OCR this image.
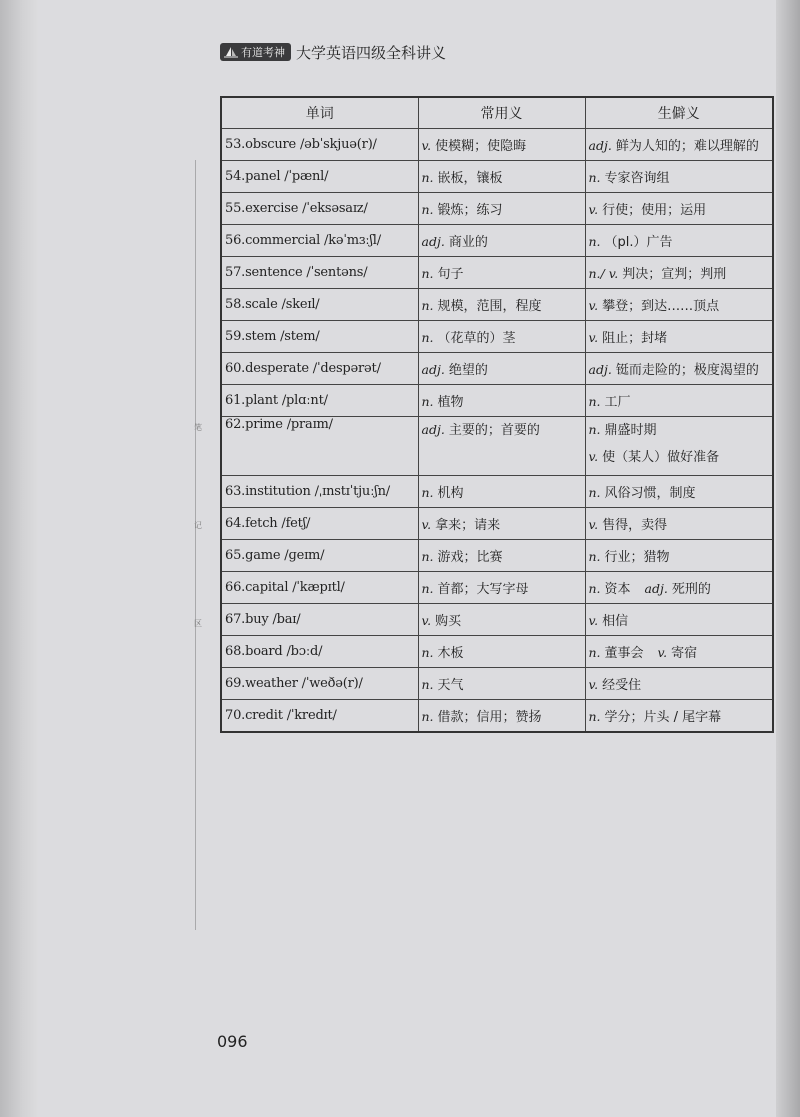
有道考神 大学英语四级全科讲义
笔
记
区
单词	常用义	生僻义
53.obscure /əbˈskjuə(r)/	v. 使模糊；使隐晦	adj. 鲜为人知的；难以理解的
54.panel /ˈpænl/	n. 嵌板，镶板	n. 专家咨询组
55.exercise /ˈeksəsaɪz/	n. 锻炼；练习	v. 行使；使用；运用
56.commercial /kəˈmɜːʃl/	adj. 商业的	n. （pl.）广告
57.sentence /ˈsentəns/	n. 句子	n./ v. 判决；宣判；判刑
58.scale /skeɪl/	n. 规模，范围，程度	v. 攀登；到达……顶点
59.stem /stem/	n. （花草的）茎	v. 阻止；封堵
60.desperate /ˈdespərət/	adj. 绝望的	adj. 铤而走险的；极度渴望的
61.plant /plɑːnt/	n. 植物	n. 工厂
62.prime /praɪm/	adj. 主要的；首要的	n. 鼎盛时期
v. 使（某人）做好准备

63.institution /ˌɪnstɪˈtjuːʃn/	n. 机构	n. 风俗习惯，制度
64.fetch /fetʃ/	v. 拿来；请来	v. 售得，卖得
65.game /ɡeɪm/	n. 游戏；比赛	n. 行业；猎物
66.capital /ˈkæpɪtl/	n. 首都；大写字母	n. 资本 adj. 死刑的
67.buy /baɪ/	v. 购买	v. 相信
68.board /bɔːd/	n. 木板	n. 董事会 v. 寄宿
69.weather /ˈweðə(r)/	n. 天气	v. 经受住
70.credit /ˈkredɪt/	n. 借款；信用；赞扬	n. 学分；片头 / 尾字幕
096
